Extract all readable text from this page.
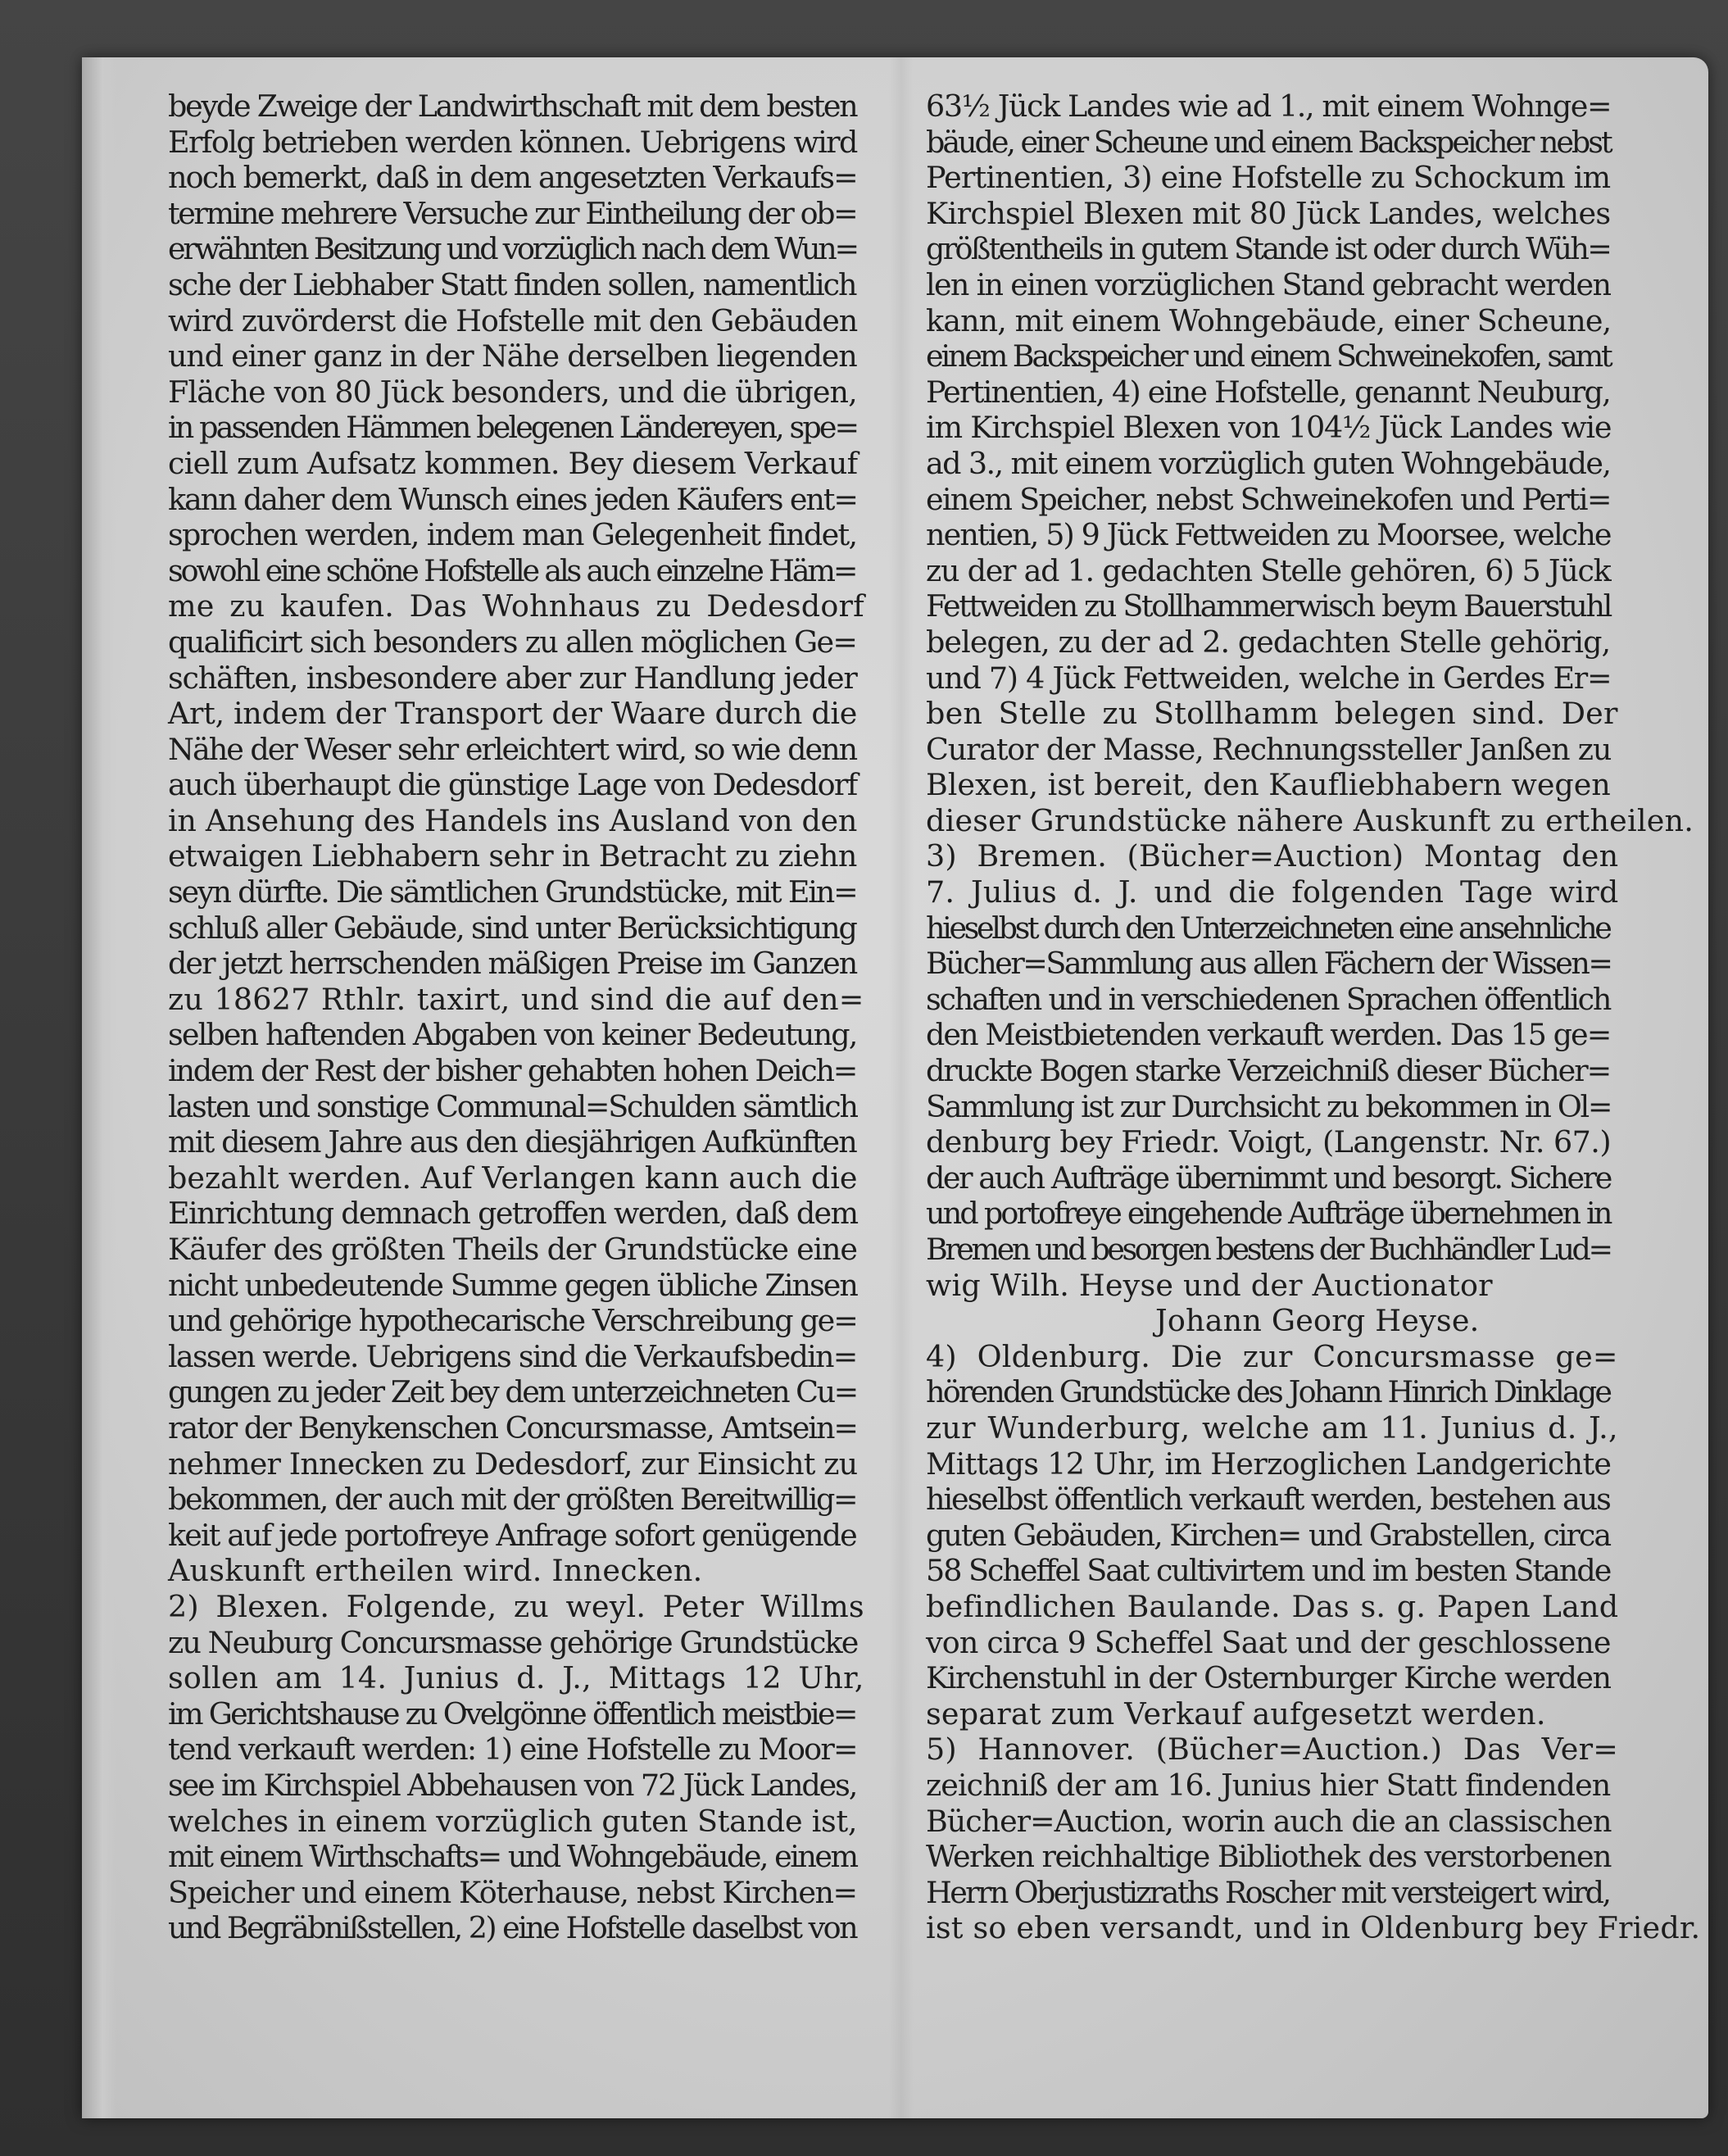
beyde Zweige der Landwirthschaft mit dem besten
Erfolg betrieben werden können. Uebrigens wird
noch bemerkt, daß in dem angesetzten Verkaufs=
termine mehrere Versuche zur Eintheilung der ob=
erwähnten Besitzung und vorzüglich nach dem Wun=
sche der Liebhaber Statt finden sollen, namentlich
wird zuvörderst die Hofstelle mit den Gebäuden
und einer ganz in der Nähe derselben liegenden
Fläche von 80 Jück besonders, und die übrigen,
in passenden Hämmen belegenen Ländereyen, spe=
ciell zum Aufsatz kommen. Bey diesem Verkauf
kann daher dem Wunsch eines jeden Käufers ent=
sprochen werden, indem man Gelegenheit findet,
sowohl eine schöne Hofstelle als auch einzelne Häm=
me zu kaufen. Das Wohnhaus zu Dedesdorf
qualificirt sich besonders zu allen möglichen Ge=
schäften, insbesondere aber zur Handlung jeder
Art, indem der Transport der Waare durch die
Nähe der Weser sehr erleichtert wird, so wie denn
auch überhaupt die günstige Lage von Dedesdorf
in Ansehung des Handels ins Ausland von den
etwaigen Liebhabern sehr in Betracht zu ziehn
seyn dürfte. Die sämtlichen Grundstücke, mit Ein=
schluß aller Gebäude, sind unter Berücksichtigung
der jetzt herrschenden mäßigen Preise im Ganzen
zu 18627 Rthlr. taxirt, und sind die auf den=
selben haftenden Abgaben von keiner Bedeutung,
indem der Rest der bisher gehabten hohen Deich=
lasten und sonstige Communal=Schulden sämtlich
mit diesem Jahre aus den diesjährigen Aufkünften
bezahlt werden. Auf Verlangen kann auch die
Einrichtung demnach getroffen werden, daß dem
Käufer des größten Theils der Grundstücke eine
nicht unbedeutende Summe gegen übliche Zinsen
und gehörige hypothecarische Verschreibung ge=
lassen werde. Uebrigens sind die Verkaufsbedin=
gungen zu jeder Zeit bey dem unterzeichneten Cu=
rator der Benykenschen Concursmasse, Amtsein=
nehmer Innecken zu Dedesdorf, zur Einsicht zu
bekommen, der auch mit der größten Bereitwillig=
keit auf jede portofreye Anfrage sofort genügende
Auskunft ertheilen wird. Innecken.
2) Blexen. Folgende, zu weyl. Peter Willms
zu Neuburg Concursmasse gehörige Grundstücke
sollen am 14. Junius d. J., Mittags 12 Uhr,
im Gerichtshause zu Ovelgönne öffentlich meistbie=
tend verkauft werden: 1) eine Hofstelle zu Moor=
see im Kirchspiel Abbehausen von 72 Jück Landes,
welches in einem vorzüglich guten Stande ist,
mit einem Wirthschafts= und Wohngebäude, einem
Speicher und einem Köterhause, nebst Kirchen=
und Begräbnißstellen, 2) eine Hofstelle daselbst von
63½ Jück Landes wie ad 1., mit einem Wohnge=
bäude, einer Scheune und einem Backspeicher nebst
Pertinentien, 3) eine Hofstelle zu Schockum im
Kirchspiel Blexen mit 80 Jück Landes, welches
größtentheils in gutem Stande ist oder durch Wüh=
len in einen vorzüglichen Stand gebracht werden
kann, mit einem Wohngebäude, einer Scheune,
einem Backspeicher und einem Schweinekofen, samt
Pertinentien, 4) eine Hofstelle, genannt Neuburg,
im Kirchspiel Blexen von 104½ Jück Landes wie
ad 3., mit einem vorzüglich guten Wohngebäude,
einem Speicher, nebst Schweinekofen und Perti=
nentien, 5) 9 Jück Fettweiden zu Moorsee, welche
zu der ad 1. gedachten Stelle gehören, 6) 5 Jück
Fettweiden zu Stollhammerwisch beym Bauerstuhl
belegen, zu der ad 2. gedachten Stelle gehörig,
und 7) 4 Jück Fettweiden, welche in Gerdes Er=
ben Stelle zu Stollhamm belegen sind. Der
Curator der Masse, Rechnungssteller Janßen zu
Blexen, ist bereit, den Kaufliebhabern wegen
dieser Grundstücke nähere Auskunft zu ertheilen.
3) Bremen. (Bücher=Auction) Montag den
7. Julius d. J. und die folgenden Tage wird
hieselbst durch den Unterzeichneten eine ansehnliche
Bücher=Sammlung aus allen Fächern der Wissen=
schaften und in verschiedenen Sprachen öffentlich
den Meistbietenden verkauft werden. Das 15 ge=
druckte Bogen starke Verzeichniß dieser Bücher=
Sammlung ist zur Durchsicht zu bekommen in Ol=
denburg bey Friedr. Voigt, (Langenstr. Nr. 67.)
der auch Aufträge übernimmt und besorgt. Sichere
und portofreye eingehende Aufträge übernehmen in
Bremen und besorgen bestens der Buchhändler Lud=
wig Wilh. Heyse und der Auctionator
Johann Georg Heyse.
4) Oldenburg. Die zur Concursmasse ge=
hörenden Grundstücke des Johann Hinrich Dinklage
zur Wunderburg, welche am 11. Junius d. J.,
Mittags 12 Uhr, im Herzoglichen Landgerichte
hieselbst öffentlich verkauft werden, bestehen aus
guten Gebäuden, Kirchen= und Grabstellen, circa
58 Scheffel Saat cultivirtem und im besten Stande
befindlichen Baulande. Das s. g. Papen Land
von circa 9 Scheffel Saat und der geschlossene
Kirchenstuhl in der Osternburger Kirche werden
separat zum Verkauf aufgesetzt werden.
5) Hannover. (Bücher=Auction.) Das Ver=
zeichniß der am 16. Junius hier Statt findenden
Bücher=Auction, worin auch die an classischen
Werken reichhaltige Bibliothek des verstorbenen
Herrn Oberjustizraths Roscher mit versteigert wird,
ist so eben versandt, und in Oldenburg bey Friedr.
